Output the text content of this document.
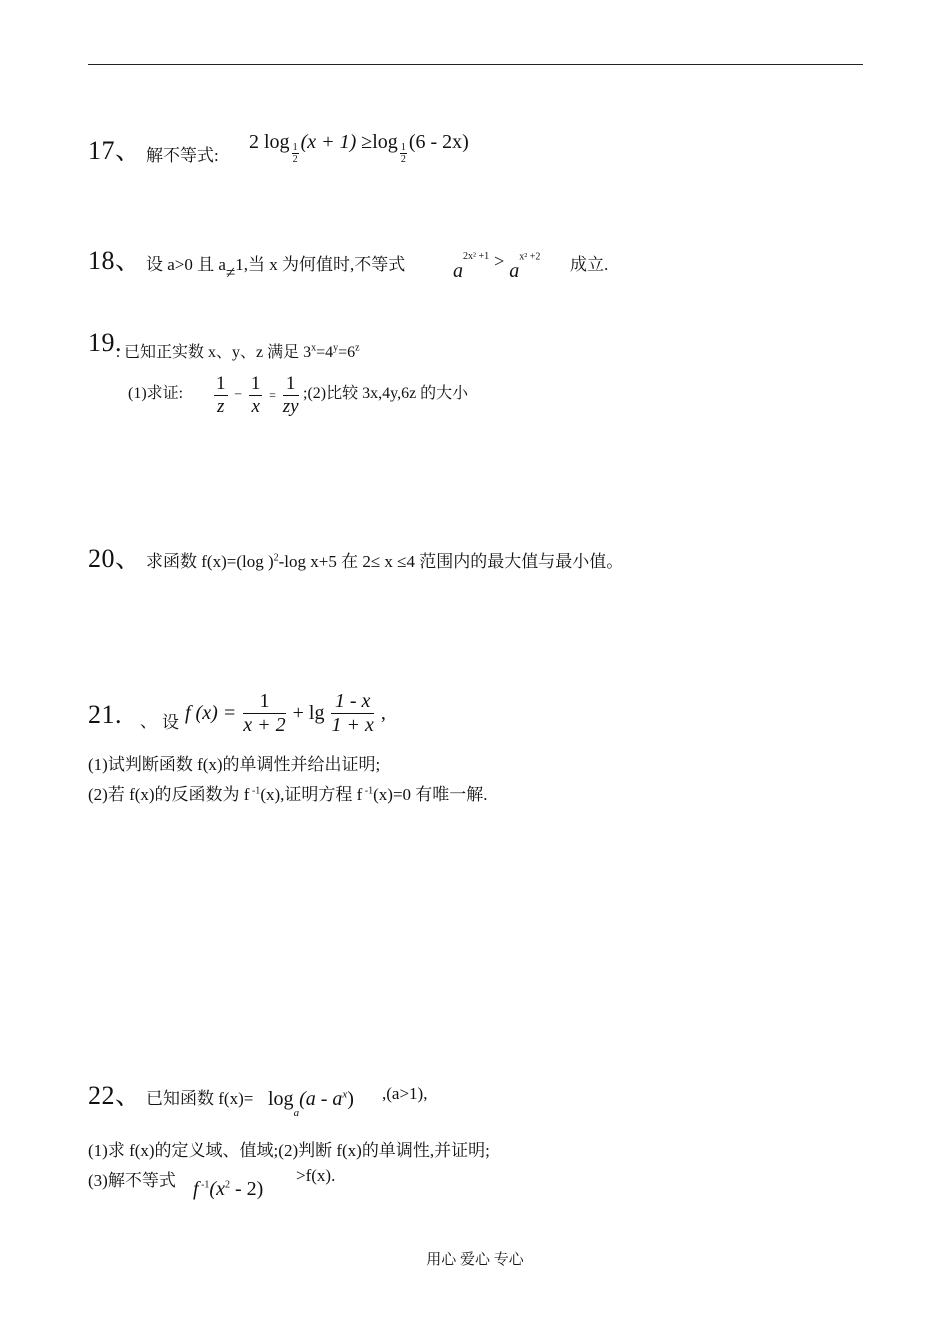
17、 解不等式:
2 $\log \frac{1}{2} (x + 1) \ge\log \frac{1}{2} (6 - 2x)$
18、 设 a>0 且 a≠1,当 x 为何值时,不等式 $a^{2x^2 +1} > a^{x^2 +2}$ 成立.
19.
. 已知正实数 x、y、z 满足 $3^x=4^y=6^z$
(1)求证: $\frac{1}{z} - \frac{1}{x} = \frac{1}{zy}$ ;(2)比较 3x,4y,6z 的大小
20、 求函数 f(x)=(log )$^2$-log x+5 在 2≤ x ≤4 范围内的最大值与最小值。
21. 、 设 f $(x) = \frac{1}{x + 2} + \lg \frac{1 - x}{1 + x}$ ,
(1)试判断函数 f(x)的单调性并给出证明;
(2)若 f(x)的反函数为 f $^{-1}$(x),证明方程 f $^{-1}$(x)=0 有唯一解.
22、 已知函数 $f(x)= \log_a(a - a^x)$ ,(a>1),
(1)求 f(x)的定义域、值域;(2)判断 f(x)的单调性,并证明;
(3)解不等式 f $^{-1}(x^2 - 2)$
>f(x).
用心 爱心 专心
